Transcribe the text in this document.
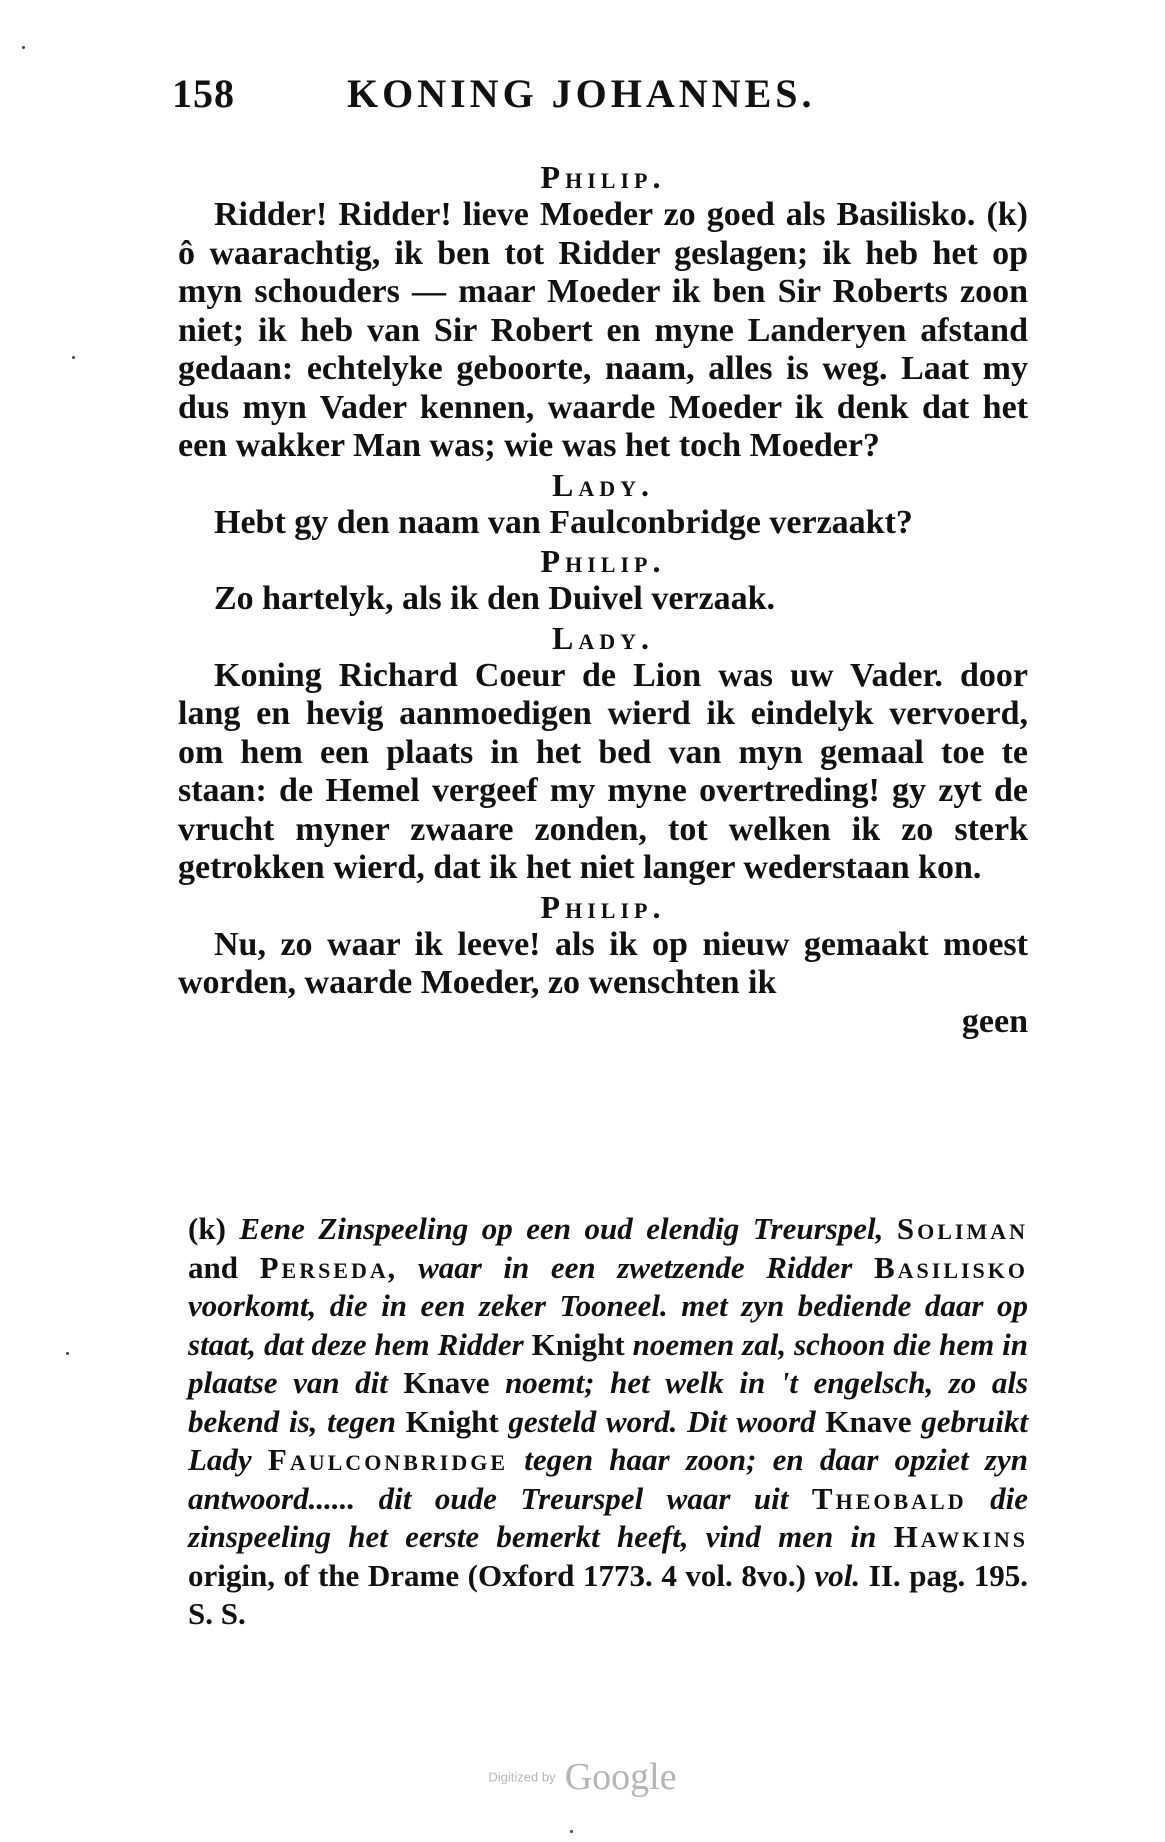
158	KONING JOHANNES.

Philip.

Ridder! Ridder! lieve Moeder zo goed als Basilisko. (k) ô waarachtig, ik ben tot Ridder geslagen; ik heb het op myn schouders — maar Moeder ik ben Sir Roberts zoon niet; ik heb van Sir Robert en myne Landeryen afstand gedaan: echtelyke geboorte, naam, alles is weg. Laat my dus myn Vader kennen, waarde Moeder ik denk dat het een wakker Man was; wie was het toch Moeder?

Lady.

Hebt gy den naam van Faulconbridge verzaakt?

Philip.

Zo hartelyk, als ik den Duivel verzaak.

Lady.

Koning Richard Coeur de Lion was uw Vader. door lang en hevig aanmoedigen wierd ik eindelyk vervoerd, om hem een plaats in het bed van myn gemaal toe te staan: de Hemel vergeef my myne overtreding! gy zyt de vrucht myner zwaare zonden, tot welken ik zo sterk getrokken wierd, dat ik het niet langer wederstaan kon.

Philip.

Nu, zo waar ik leeve! als ik op nieuw gemaakt moest worden, waarde Moeder, zo wenschten ik

geen

(k) Eene Zinspeeling op een oud elendig Treurspel, Soliman and Perseda, waar in een zwetzende Ridder Basilisko voorkomt, die in een zeker Tooneel. met zyn bediende daar op staat, dat deze hem Ridder Knight noemen zal, schoon die hem in plaatse van dit Knave noemt; het welk in 't engelsch, zo als bekend is, tegen Knight gesteld word. Dit woord Knave gebruikt Lady Faulconbridge tegen haar zoon; en daar opziet zyn antwoord...... dit oude Treurspel waar uit Theobald die zinspeeling het eerste bemerkt heeft, vind men in Hawkins origin, of the Drame (Oxford 1773. 4 vol. 8vo.) vol. II. pag. 195. S. S.
Digitized by Google
